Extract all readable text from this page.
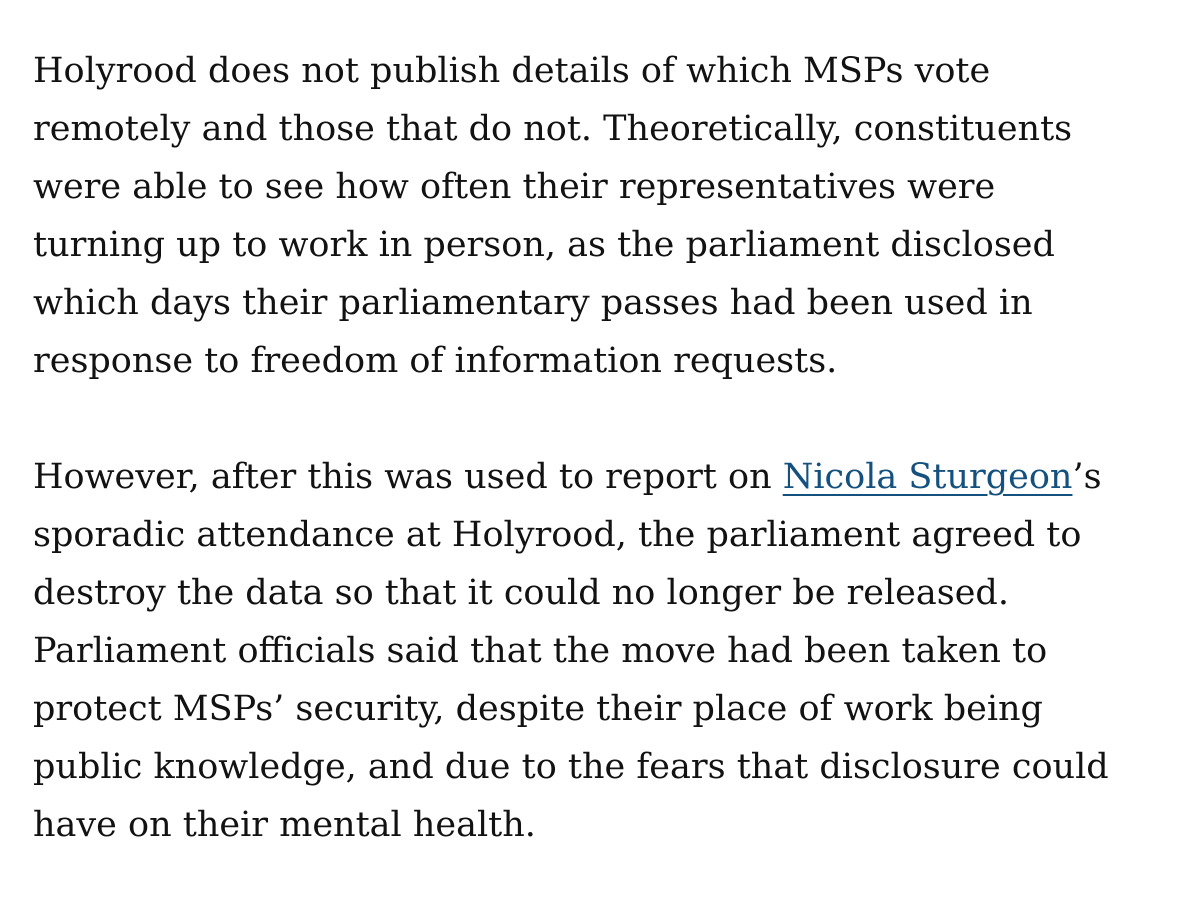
Holyrood does not publish details of which MSPs vote
remotely and those that do not. Theoretically, constituents
were able to see how often their representatives were
turning up to work in person, as the parliament disclosed
which days their parliamentary passes had been used in
response to freedom of information requests.

However, after this was used to report on Nicola Sturgeon’s
sporadic attendance at Holyrood, the parliament agreed to
destroy the data so that it could no longer be released.
Parliament officials said that the move had been taken to
protect MSPs’ security, despite their place of work being
public knowledge, and due to the fears that disclosure could
have on their mental health.
